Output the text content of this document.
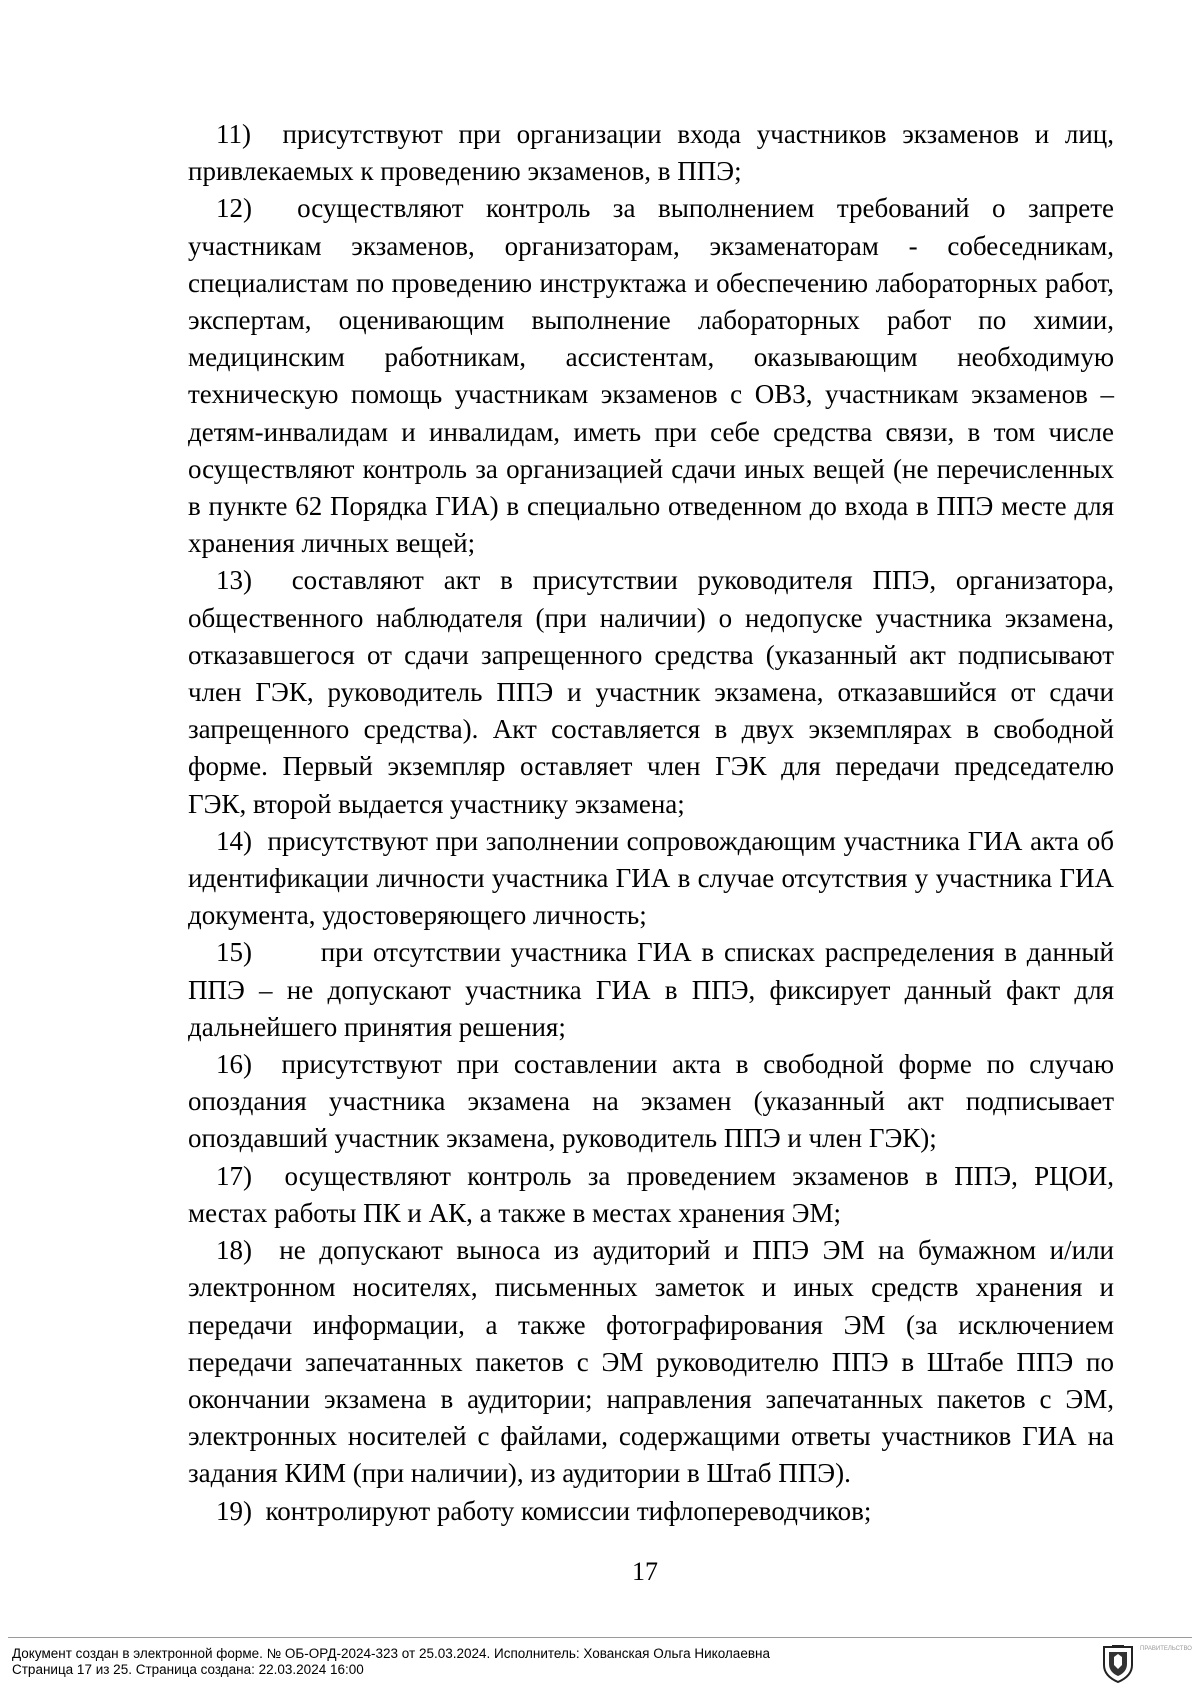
11) присутствуют при организации входа участников экзаменов и лиц, привлекаемых к проведению экзаменов, в ППЭ;

12) осуществляют контроль за выполнением требований о запрете участникам экзаменов, организаторам, экзаменаторам - собеседникам, специалистам по проведению инструктажа и обеспечению лабораторных работ, экспертам, оценивающим выполнение лабораторных работ по химии, медицинским работникам, ассистентам, оказывающим необходимую техническую помощь участникам экзаменов с ОВЗ, участникам экзаменов – детям-инвалидам и инвалидам, иметь при себе средства связи, в том числе осуществляют контроль за организацией сдачи иных вещей (не перечисленных в пункте 62 Порядка ГИА) в специально отведенном до входа в ППЭ месте для хранения личных вещей;

13) составляют акт в присутствии руководителя ППЭ, организатора, общественного наблюдателя (при наличии) о недопуске участника экзамена, отказавшегося от сдачи запрещенного средства (указанный акт подписывают член ГЭК, руководитель ППЭ и участник экзамена, отказавшийся от сдачи запрещенного средства). Акт составляется в двух экземплярах в свободной форме. Первый экземпляр оставляет член ГЭК для передачи председателю ГЭК, второй выдается участнику экзамена;

14) присутствуют при заполнении сопровождающим участника ГИА акта об идентификации личности участника ГИА в случае отсутствия у участника ГИА документа, удостоверяющего личность;

15)	при отсутствии участника ГИА в списках распределения в данный ППЭ – не допускают участника ГИА в ППЭ, фиксирует данный факт для дальнейшего принятия решения;

16) присутствуют при составлении акта в свободной форме по случаю опоздания участника экзамена на экзамен (указанный акт подписывает опоздавший участник экзамена, руководитель ППЭ и член ГЭК);

17) осуществляют контроль за проведением экзаменов в ППЭ, РЦОИ, местах работы ПК и АК, а также в местах хранения ЭМ;

18) не допускают выноса из аудиторий и ППЭ ЭМ на бумажном и/или электронном носителях, письменных заметок и иных средств хранения и передачи информации, а также фотографирования ЭМ (за исключением передачи запечатанных пакетов с ЭМ руководителю ППЭ в Штабе ППЭ по окончании экзамена в аудитории; направления запечатанных пакетов с ЭМ, электронных носителей с файлами, содержащими ответы участников ГИА на задания КИМ (при наличии), из аудитории в Штаб ППЭ).

19) контролируют работу комиссии тифлопереводчиков;

17
Документ создан в электронной форме. № ОБ-ОРД-2024-323 от 25.03.2024. Исполнитель: Хованская Ольга Николаевна
Страница 17 из 25. Страница создана: 22.03.2024 16:00
ПРАВИТЕЛЬСТВО
